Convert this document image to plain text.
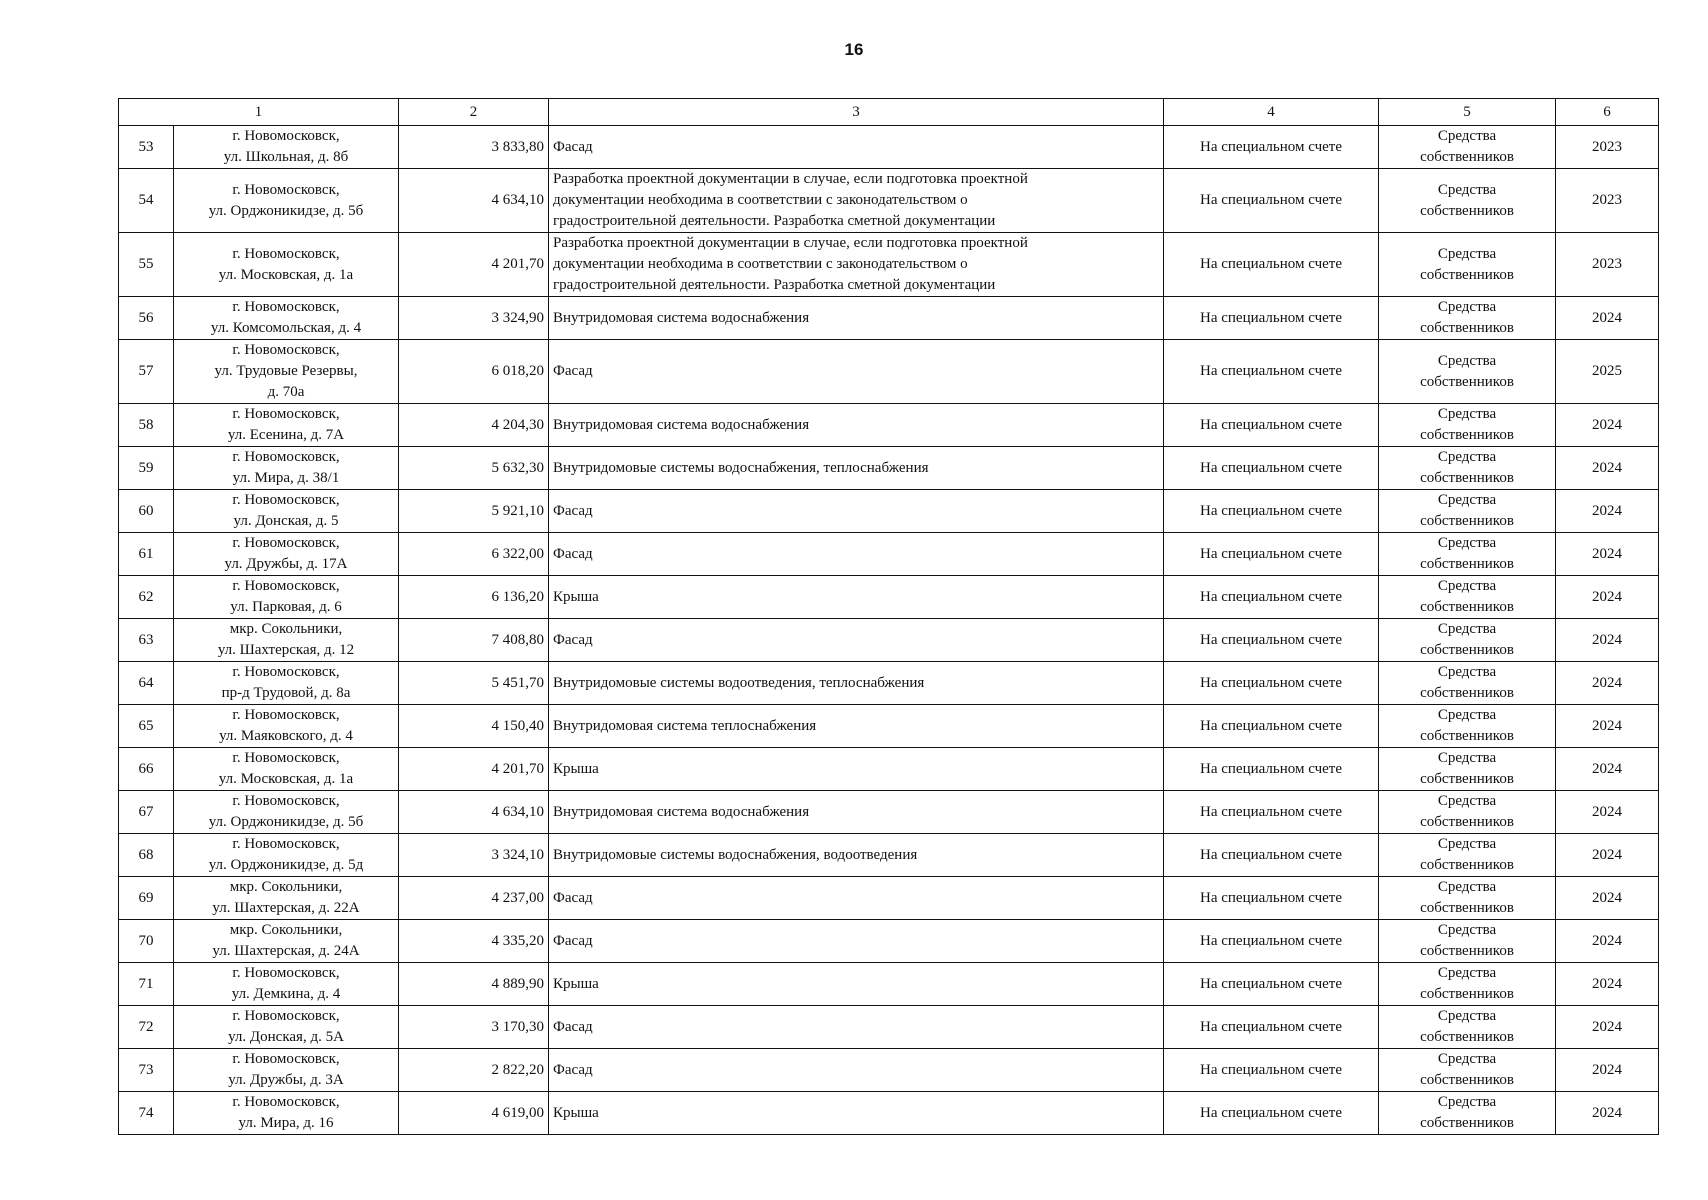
16
1		2	3	4	5	6
53	г. Новомосковск,
ул. Школьная, д. 8б	3 833,80	Фасад	На специальном счете	Средства
собственников	2023
54	г. Новомосковск,
ул. Орджоникидзе, д. 5б	4 634,10	Разработка проектной документации в случае, если подготовка проектной
документации необходима в соответствии с законодательством о
градостроительной деятельности. Разработка сметной документации	На специальном счете	Средства
собственников	2023
55	г. Новомосковск,
ул. Московская, д. 1а	4 201,70	Разработка проектной документации в случае, если подготовка проектной
документации необходима в соответствии с законодательством о
градостроительной деятельности. Разработка сметной документации	На специальном счете	Средства
собственников	2023
56	г. Новомосковск,
ул. Комсомольская, д. 4	3 324,90	Внутридомовая система водоснабжения	На специальном счете	Средства
собственников	2024
57	г. Новомосковск,
ул. Трудовые Резервы,
д. 70а	6 018,20	Фасад	На специальном счете	Средства
собственников	2025
58	г. Новомосковск,
ул. Есенина, д. 7А	4 204,30	Внутридомовая система водоснабжения	На специальном счете	Средства
собственников	2024
59	г. Новомосковск,
ул. Мира, д. 38/1	5 632,30	Внутридомовые системы водоснабжения, теплоснабжения	На специальном счете	Средства
собственников	2024
60	г. Новомосковск,
ул. Донская, д. 5	5 921,10	Фасад	На специальном счете	Средства
собственников	2024
61	г. Новомосковск,
ул. Дружбы, д. 17А	6 322,00	Фасад	На специальном счете	Средства
собственников	2024
62	г. Новомосковск,
ул. Парковая, д. 6	6 136,20	Крыша	На специальном счете	Средства
собственников	2024
63	мкр. Сокольники,
ул. Шахтерская, д. 12	7 408,80	Фасад	На специальном счете	Средства
собственников	2024
64	г. Новомосковск,
пр-д Трудовой, д. 8а	5 451,70	Внутридомовые системы водоотведения, теплоснабжения	На специальном счете	Средства
собственников	2024
65	г. Новомосковск,
ул. Маяковского, д. 4	4 150,40	Внутридомовая система теплоснабжения	На специальном счете	Средства
собственников	2024
66	г. Новомосковск,
ул. Московская, д. 1а	4 201,70	Крыша	На специальном счете	Средства
собственников	2024
67	г. Новомосковск,
ул. Орджоникидзе, д. 5б	4 634,10	Внутридомовая система водоснабжения	На специальном счете	Средства
собственников	2024
68	г. Новомосковск,
ул. Орджоникидзе, д. 5д	3 324,10	Внутридомовые системы водоснабжения, водоотведения	На специальном счете	Средства
собственников	2024
69	мкр. Сокольники,
ул. Шахтерская, д. 22А	4 237,00	Фасад	На специальном счете	Средства
собственников	2024
70	мкр. Сокольники,
ул. Шахтерская, д. 24А	4 335,20	Фасад	На специальном счете	Средства
собственников	2024
71	г. Новомосковск,
ул. Демкина, д. 4	4 889,90	Крыша	На специальном счете	Средства
собственников	2024
72	г. Новомосковск,
ул. Донская, д. 5А	3 170,30	Фасад	На специальном счете	Средства
собственников	2024
73	г. Новомосковск,
ул. Дружбы, д. 3А	2 822,20	Фасад	На специальном счете	Средства
собственников	2024
74	г. Новомосковск,
ул. Мира, д. 16	4 619,00	Крыша	На специальном счете	Средства
собственников	2024
